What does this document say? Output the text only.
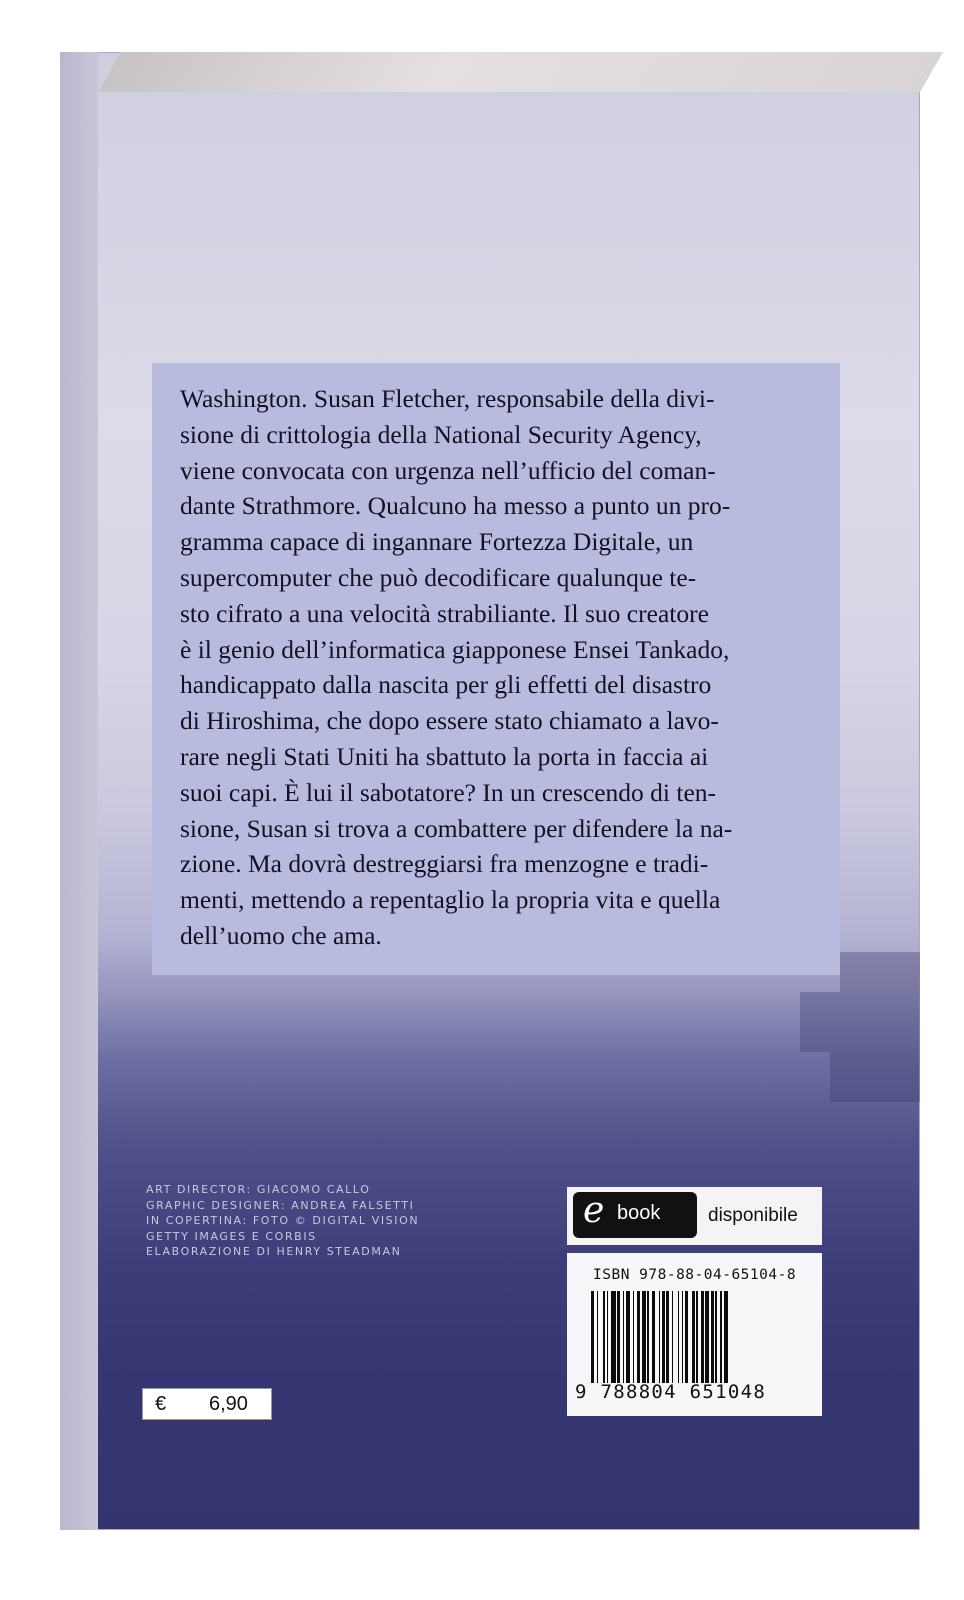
Washington. Susan Fletcher, responsabile della divi-
sione di crittologia della National Security Agency,
viene convocata con urgenza nell’ufficio del coman-
dante Strathmore. Qualcuno ha messo a punto un pro-
gramma capace di ingannare Fortezza Digitale, un
supercomputer che può decodificare qualunque te-
sto cifrato a una velocità strabiliante. Il suo creatore
è il genio dell’informatica giapponese Ensei Tankado,
handicappato dalla nascita per gli effetti del disastro
di Hiroshima, che dopo essere stato chiamato a lavo-
rare negli Stati Uniti ha sbattuto la porta in faccia ai
suoi capi. È lui il sabotatore? In un crescendo di ten-
sione, Susan si trova a combattere per difendere la na-
zione. Ma dovrà destreggiarsi fra menzogne e tradi-
menti, mettendo a repentaglio la propria vita e quella
dell’uomo che ama.

ART DIRECTOR: GIACOMO CALLO
GRAPHIC DESIGNER: ANDREA FALSETTI
IN COPERTINA: FOTO © DIGITAL VISION
GETTY IMAGES E CORBIS
ELABORAZIONE DI HENRY STEADMAN
e book	disponibile
ISBN 978-88-04-65104-8
9 788804 651048
€ 6,90
